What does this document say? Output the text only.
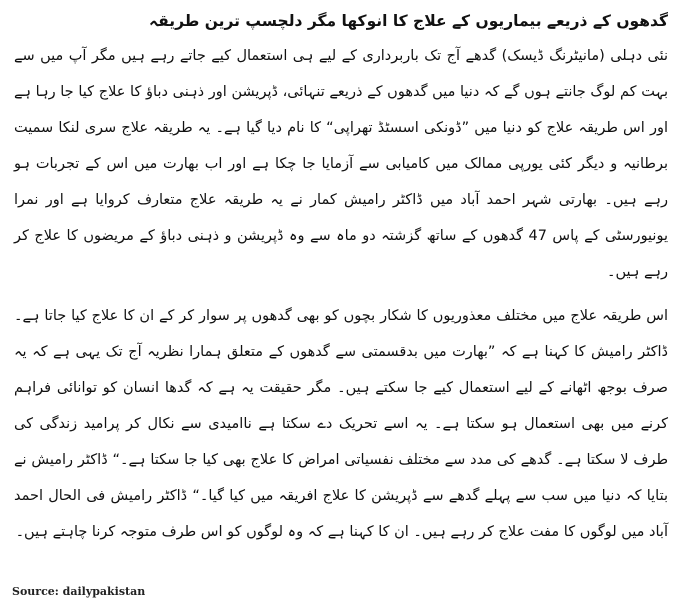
گدھوں کے ذریعے بیماریوں کے علاج کا انوکھا مگر دلچسپ ترین طریقہ

نئی دہلی (مانیٹرنگ ڈیسک) گدھے آج تک باربرداری کے لیے ہی استعمال کیے جاتے رہے ہیں مگر آپ میں سے بہت کم لوگ جانتے ہوں گے کہ دنیا میں گدھوں کے ذریعے تنہائی، ڈپریشن اور ذہنی دباؤ کا علاج کیا جا رہا ہے اور اس طریقہ علاج کو دنیا میں ”ڈونکی اسسٹڈ تھراپی“ کا نام دیا گیا ہے۔ یہ طریقہ علاج سری لنکا سمیت برطانیہ و دیگر کئی یورپی ممالک میں کامیابی سے آزمایا جا چکا ہے اور اب بھارت میں اس کے تجربات ہو رہے ہیں۔ بھارتی شہر احمد آباد میں ڈاکٹر رامیش کمار نے یہ طریقہ علاج متعارف کروایا ہے اور نمرا یونیورسٹی کے پاس 47 گدھوں کے ساتھ گزشتہ دو ماہ سے وہ ڈپریشن و ذہنی دباؤ کے مریضوں کا علاج کر رہے ہیں۔

اس طریقہ علاج میں مختلف معذوریوں کا شکار بچوں کو بھی گدھوں پر سوار کر کے ان کا علاج کیا جاتا ہے۔ ڈاکٹر رامیش کا کہنا ہے کہ ”بھارت میں بدقسمتی سے گدھوں کے متعلق ہمارا نظریہ آج تک یہی ہے کہ یہ صرف بوجھ اٹھانے کے لیے استعمال کیے جا سکتے ہیں۔ مگر حقیقت یہ ہے کہ گدھا انسان کو توانائی فراہم کرنے میں بھی استعمال ہو سکتا ہے۔ یہ اسے تحریک دے سکتا ہے ناامیدی سے نکال کر پرامید زندگی کی طرف لا سکتا ہے۔ گدھے کی مدد سے مختلف نفسیاتی امراض کا علاج بھی کیا جا سکتا ہے۔“ ڈاکٹر رامیش نے بتایا کہ دنیا میں سب سے پہلے گدھے سے ڈپریشن کا علاج افریقہ میں کیا گیا۔“ ڈاکٹر رامیش فی الحال احمد آباد میں لوگوں کا مفت علاج کر رہے ہیں۔ ان کا کہنا ہے کہ وہ لوگوں کو اس طرف متوجہ کرنا چاہتے ہیں۔

Source: dailypakistan
